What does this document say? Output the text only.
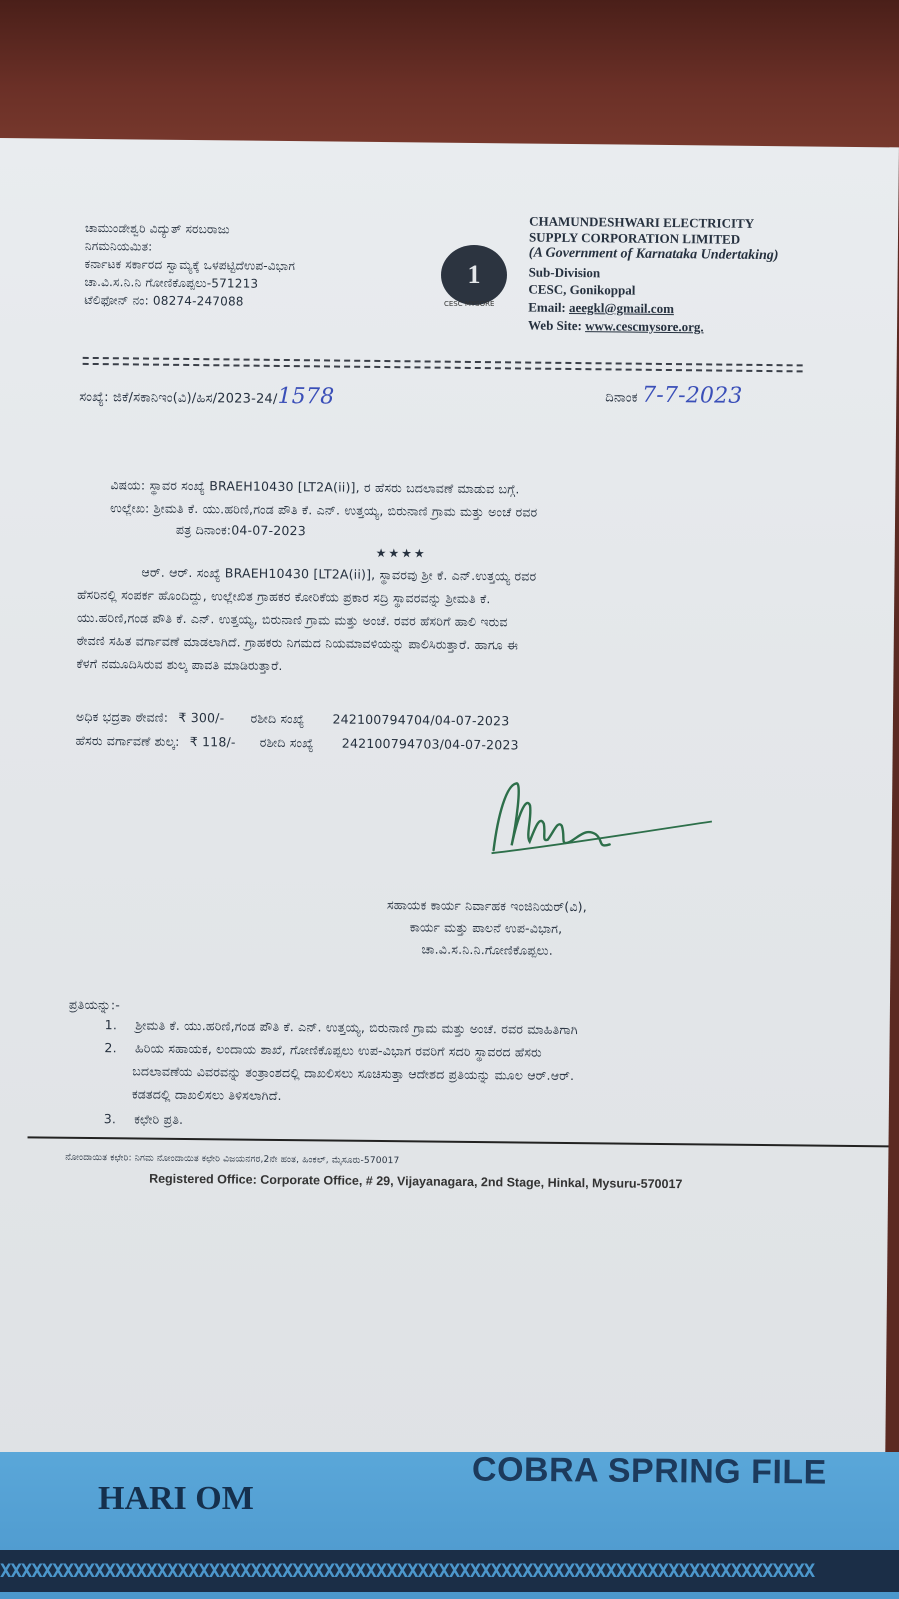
ಚಾಮುಂಡೇಶ್ವರಿ ವಿದ್ಯುತ್ ಸರಬರಾಜು
ನಿಗಮನಿಯಮಿತ:
ಕರ್ನಾಟಕ ಸರ್ಕಾರದ ಸ್ವಾಮ್ಯಕ್ಕೆ ಒಳಪಟ್ಟಿದೆಉಪ-ವಿಭಾಗ
ಚಾ.ವಿ.ಸ.ನಿ.ನಿ ಗೋಣಿಕೊಪ್ಪಲು-571213
ಟೆಲಿಫೋನ್ ನಂ: 08274-247088
CHAMUNDESHWARI ELECTRICITY
SUPPLY CORPORATION LIMITED
(A Government of Karnataka Undertaking)
Sub-Division
CESC, Gonikoppal
Email: aeegkl@gmail.com
Web Site: www.cescmysore.org.
ಸಂಖ್ಯೆ: ಜಿಕೆ/ಸಕಾನಿಇಂ(ವಿ)/ಹಿಸ/2023-24/1578	ದಿನಾಂಕ 7-7-2023
ವಿಷಯ: ಸ್ಥಾವರ ಸಂಖ್ಯೆ BRAEH10430 [LT2A(ii)], ರ ಹೆಸರು ಬದಲಾವಣೆ ಮಾಡುವ ಬಗ್ಗೆ.
ಉಲ್ಲೇಖ: ಶ್ರೀಮತಿ ಕೆ. ಯು.ಹರಿಣಿ,ಗಂಡ ಪೌತಿ ಕೆ. ಎನ್. ಉತ್ತಯ್ಯ, ಬಿರುನಾಣಿ ಗ್ರಾಮ ಮತ್ತು ಅಂಚೆ ರವರ
ಪತ್ರ ದಿನಾಂಕ:04-07-2023
★★★★
ಆರ್. ಆರ್. ಸಂಖ್ಯೆ BRAEH10430 [LT2A(ii)], ಸ್ಥಾವರವು ಶ್ರೀ ಕೆ. ಎನ್.ಉತ್ತಯ್ಯ ರವರ
ಹೆಸರಿನಲ್ಲಿ ಸಂಪರ್ಕ ಹೊಂದಿದ್ದು, ಉಲ್ಲೇಖಿತ ಗ್ರಾಹಕರ ಕೋರಿಕೆಯ ಪ್ರಕಾರ ಸದ್ರಿ ಸ್ಥಾವರವನ್ನು ಶ್ರೀಮತಿ ಕೆ.
ಯು.ಹರಿಣಿ,ಗಂಡ ಪೌತಿ ಕೆ. ಎನ್. ಉತ್ತಯ್ಯ, ಬಿರುನಾಣಿ ಗ್ರಾಮ ಮತ್ತು ಅಂಚೆ. ರವರ ಹೆಸರಿಗೆ ಹಾಲಿ ಇರುವ
ಠೇವಣಿ ಸಹಿತ ವರ್ಗಾವಣೆ ಮಾಡಲಾಗಿದೆ. ಗ್ರಾಹಕರು ನಿಗಮದ ನಿಯಮಾವಳಿಯನ್ನು ಪಾಲಿಸಿರುತ್ತಾರೆ. ಹಾಗೂ ಈ
ಕೆಳಗೆ ನಮೂದಿಸಿರುವ ಶುಲ್ಕ ಪಾವತಿ ಮಾಡಿರುತ್ತಾರೆ.
ಅಧಿಕ ಭದ್ರತಾ ಠೇವಣಿ: ₹ 300/- ರಶೀದಿ ಸಂಖ್ಯೆ 242100794704/04-07-2023
ಹೆಸರು ವರ್ಗಾವಣೆ ಶುಲ್ಕ: ₹ 118/- ರಶೀದಿ ಸಂಖ್ಯೆ 242100794703/04-07-2023
ಸಹಾಯಕ ಕಾರ್ಯ ನಿರ್ವಾಹಕ ಇಂಜಿನಿಯರ್(ವಿ),
ಕಾರ್ಯ ಮತ್ತು ಪಾಲನೆ ಉಪ-ವಿಭಾಗ,
ಚಾ.ವಿ.ಸ.ನಿ.ನಿ.ಗೋಣಿಕೊಪ್ಪಲು.
ಪ್ರತಿಯನ್ನು:-
1. ಶ್ರೀಮತಿ ಕೆ. ಯು.ಹರಿಣಿ,ಗಂಡ ಪೌತಿ ಕೆ. ಎನ್. ಉತ್ತಯ್ಯ, ಬಿರುನಾಣಿ ಗ್ರಾಮ ಮತ್ತು ಅಂಚೆ. ರವರ ಮಾಹಿತಿಗಾಗಿ
2. ಹಿರಿಯ ಸಹಾಯಕ, ಲಂದಾಯ ಶಾಖೆ, ಗೋಣಿಕೊಪ್ಪಲು ಉಪ-ವಿಭಾಗ ರವರಿಗೆ ಸದರಿ ಸ್ಥಾವರದ ಹೆಸರು
ಬದಲಾವಣೆಯ ವಿವರವನ್ನು ತಂತ್ರಾಂಶದಲ್ಲಿ ದಾಖಲಿಸಲು ಸೂಚಿಸುತ್ತಾ ಆದೇಶದ ಪ್ರತಿಯನ್ನು ಮೂಲ ಆರ್.ಆರ್.
ಕಡತದಲ್ಲಿ ದಾಖಲಿಸಲು ತಿಳಿಸಲಾಗಿದೆ.
3. ಕಛೇರಿ ಪ್ರತಿ.
ನೋಂದಾಯಿತ ಕಛೇರಿ: ನಿಗಮ ನೋಂದಾಯಿತ ಕಛೇರಿ ವಿಜಯನಗರ,2ನೇ ಹಂತ, ಹಿಂಕಲ್, ಮೈಸೂರು-570017
Registered Office: Corporate Office, # 29, Vijayanagara, 2nd Stage, Hinkal, Mysuru-570017
1
CESC MYSORE
HARI OM
COBRA SPRING FILE
XXXXXXXXXXXXXXXXXXXXXXXXXXXXXXXXXXXXXXXXXXXXXXXXXXXXXXXXXXXXXXXXXXXXXXXXXXXXXX
